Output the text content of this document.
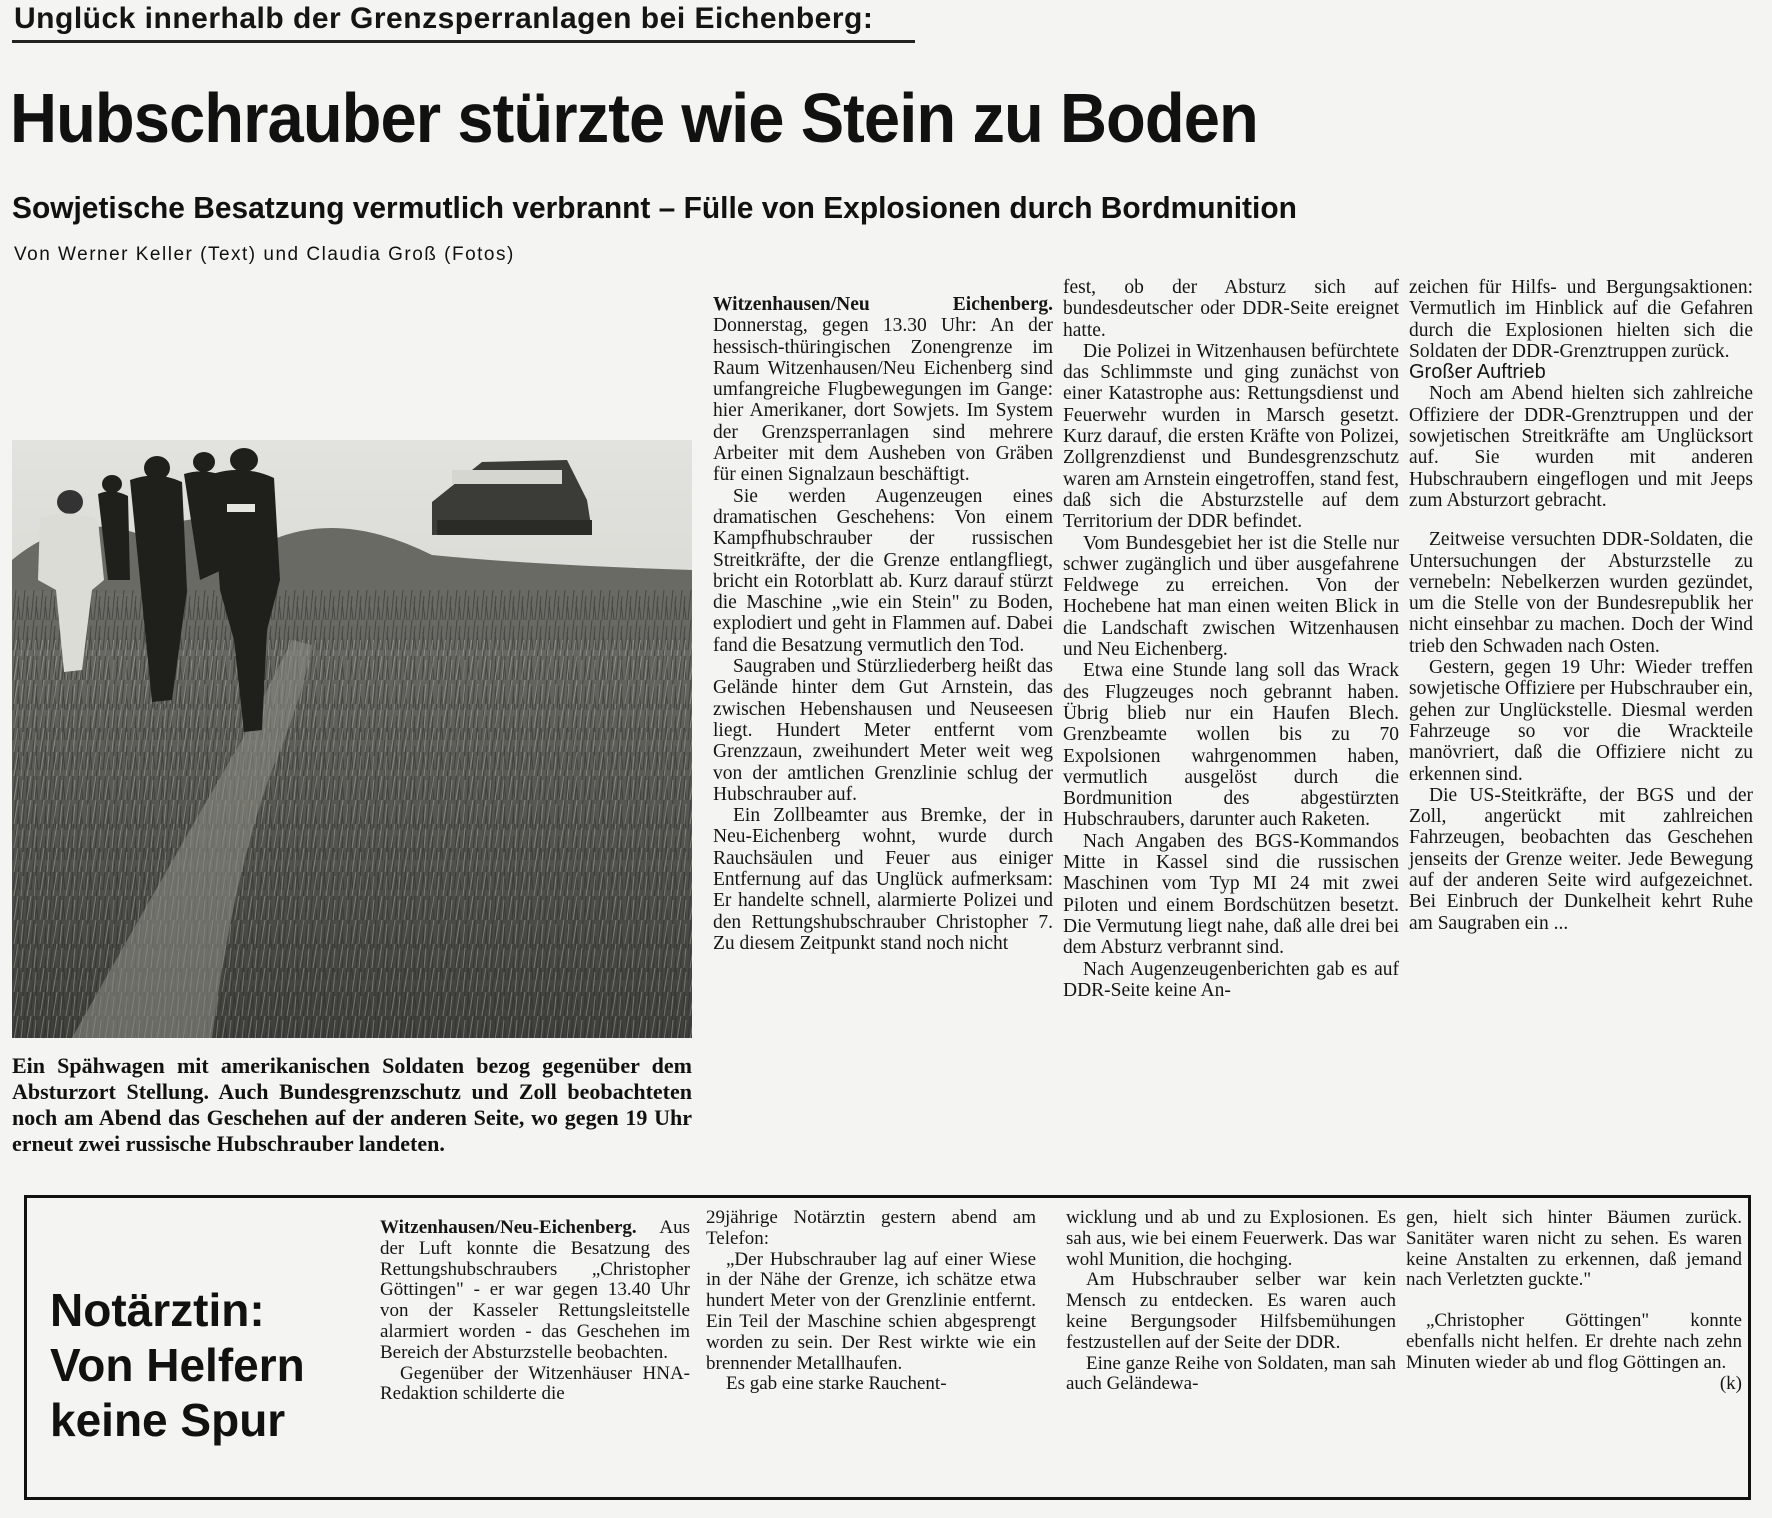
Unglück innerhalb der Grenzsperranlagen bei Eichenberg:
Hubschrauber stürzte wie Stein zu Boden
Sowjetische Besatzung vermutlich verbrannt – Fülle von Explosionen durch Bordmunition
Von Werner Keller (Text) und Claudia Groß (Fotos)
Ein Spähwagen mit amerikanischen Soldaten bezog gegenüber dem Absturzort Stellung. Auch Bundesgrenzschutz und Zoll beobachteten noch am Abend das Geschehen auf der anderen Seite, wo gegen 19 Uhr erneut zwei russische Hubschrauber landeten.

Witzenhausen/Neu Eichenberg. Donnerstag, gegen 13.30 Uhr: An der hessisch-thüringischen Zonengrenze im Raum Witzenhausen/Neu Eichenberg sind umfangreiche Flugbewegungen im Gange: hier Amerikaner, dort Sowjets. Im System der Grenzsperranlagen sind mehrere Arbeiter mit dem Ausheben von Gräben für einen Signalzaun beschäftigt.

Sie werden Augenzeugen eines dramatischen Geschehens: Von einem Kampfhubschrauber der russischen Streitkräfte, der die Grenze entlangfliegt, bricht ein Rotorblatt ab. Kurz darauf stürzt die Maschine „wie ein Stein" zu Boden, explodiert und geht in Flammen auf. Dabei fand die Besatzung vermutlich den Tod.

Saugraben und Stürzliederberg heißt das Gelände hinter dem Gut Arnstein, das zwischen Hebenshausen und Neuseesen liegt. Hundert Meter entfernt vom Grenzzaun, zweihundert Meter weit weg von der amtlichen Grenzlinie schlug der Hubschrauber auf.

Ein Zollbeamter aus Bremke, der in Neu-Eichenberg wohnt, wurde durch Rauchsäulen und Feuer aus einiger Entfernung auf das Unglück aufmerksam: Er handelte schnell, alarmierte Polizei und den Rettungshubschrauber Christopher 7. Zu diesem Zeitpunkt stand noch nicht

fest, ob der Absturz sich auf bundesdeutscher oder DDR-Seite ereignet hatte.

Die Polizei in Witzenhausen befürchtete das Schlimmste und ging zunächst von einer Katastrophe aus: Rettungsdienst und Feuerwehr wurden in Marsch gesetzt. Kurz darauf, die ersten Kräfte von Polizei, Zollgrenzdienst und Bundesgrenzschutz waren am Arnstein eingetroffen, stand fest, daß sich die Absturzstelle auf dem Territorium der DDR befindet.

Vom Bundesgebiet her ist die Stelle nur schwer zugänglich und über ausgefahrene Feldwege zu erreichen. Von der Hochebene hat man einen weiten Blick in die Landschaft zwischen Witzenhausen und Neu Eichenberg.

Etwa eine Stunde lang soll das Wrack des Flugzeuges noch gebrannt haben. Übrig blieb nur ein Haufen Blech. Grenzbeamte wollen bis zu 70 Expolsionen wahrgenommen haben, vermutlich ausgelöst durch die Bordmunition des abgestürzten Hubschraubers, darunter auch Raketen.

Nach Angaben des BGS-Kommandos Mitte in Kassel sind die russischen Maschinen vom Typ MI 24 mit zwei Piloten und einem Bordschützen besetzt. Die Vermutung liegt nahe, daß alle drei bei dem Absturz verbrannt sind.

Nach Augenzeugenberichten gab es auf DDR-Seite keine An-

zeichen für Hilfs- und Bergungsaktionen: Vermutlich im Hinblick auf die Gefahren durch die Explosionen hielten sich die Soldaten der DDR-Grenztruppen zurück.

Großer Auftrieb

Noch am Abend hielten sich zahlreiche Offiziere der DDR-Grenztruppen und der sowjetischen Streitkräfte am Unglücksort auf. Sie wurden mit anderen Hubschraubern eingeflogen und mit Jeeps zum Absturzort gebracht.

Zeitweise versuchten DDR-Soldaten, die Untersuchungen der Absturzstelle zu vernebeln: Nebelkerzen wurden gezündet, um die Stelle von der Bundesrepublik her nicht einsehbar zu machen. Doch der Wind trieb den Schwaden nach Osten.

Gestern, gegen 19 Uhr: Wieder treffen sowjetische Offiziere per Hubschrauber ein, gehen zur Unglückstelle. Diesmal werden Fahrzeuge so vor die Wrackteile manövriert, daß die Offiziere nicht zu erkennen sind.

Die US-Steitkräfte, der BGS und der Zoll, angerückt mit zahlreichen Fahrzeugen, beobachten das Geschehen jenseits der Grenze weiter. Jede Bewegung auf der anderen Seite wird aufgezeichnet. Bei Einbruch der Dunkelheit kehrt Ruhe am Saugraben ein ...

Notärztin:
Von Helfern
keine Spur

Witzenhausen/Neu-Eichenberg. Aus der Luft konnte die Besatzung des Rettungshubschraubers „Christopher Göttingen" - er war gegen 13.40 Uhr von der Kasseler Rettungsleitstelle alarmiert worden - das Geschehen im Bereich der Absturzstelle beobachten.

Gegenüber der Witzenhäuser HNA-Redaktion schilderte die

29jährige Notärztin gestern abend am Telefon:

„Der Hubschrauber lag auf einer Wiese in der Nähe der Grenze, ich schätze etwa hundert Meter von der Grenzlinie entfernt. Ein Teil der Maschine schien abgesprengt worden zu sein. Der Rest wirkte wie ein brennender Metallhaufen.

Es gab eine starke Rauchent-

wicklung und ab und zu Explosionen. Es sah aus, wie bei einem Feuerwerk. Das war wohl Munition, die hochging.

Am Hubschrauber selber war kein Mensch zu entdecken. Es waren auch keine Bergungsoder Hilfsbemühungen festzustellen auf der Seite der DDR.

Eine ganze Reihe von Soldaten, man sah auch Geländewa-

gen, hielt sich hinter Bäumen zurück. Sanitäter waren nicht zu sehen. Es waren keine Anstalten zu erkennen, daß jemand nach Verletzten guckte."

„Christopher Göttingen" konnte ebenfalls nicht helfen. Er drehte nach zehn Minuten wieder ab und flog Göttingen an.

(k)
